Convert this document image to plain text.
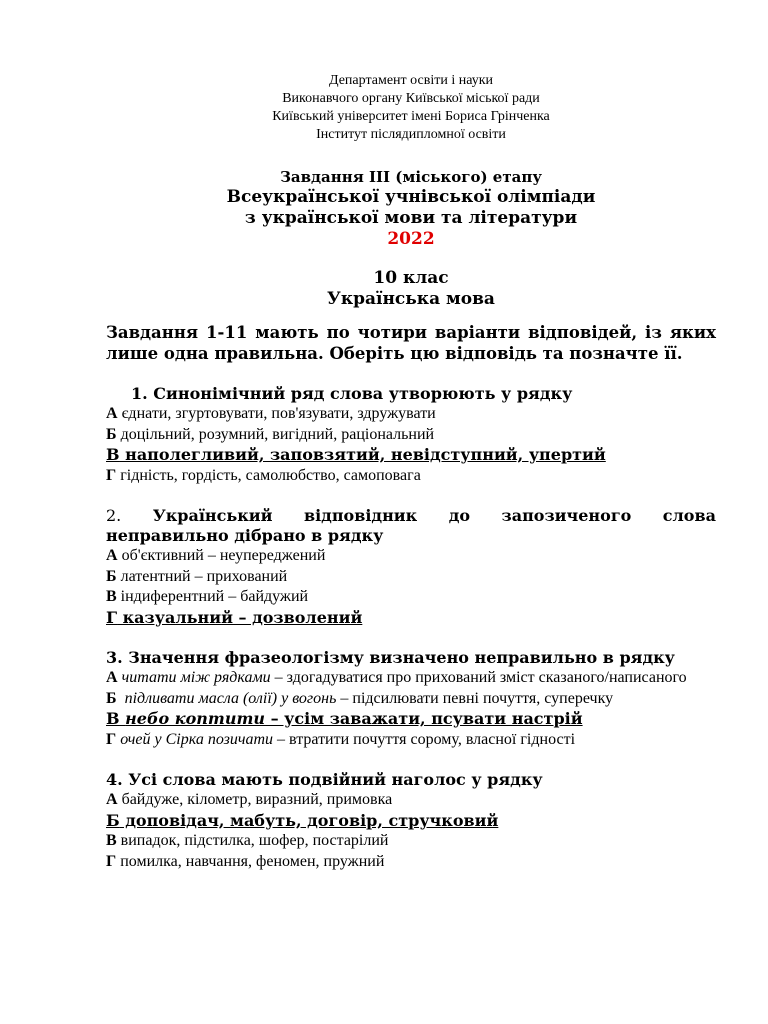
Департамент освіти і науки
Виконавчого органу Київської міської ради
Київський університет імені Бориса Грінченка
Інститут післядипломної освіти
Завдання ІІІ (міського) етапу
Всеукраїнської учнівської олімпіади
з української мови та літератури
2022
10 клас
Українська мова
Завдання 1-11 мають по чотири варіанти відповідей, із яких лише одна правильна. Оберіть цю відповідь та позначте її.
1. Синонімічний ряд слова утворюють у рядку
А єднати, згуртовувати, пов'язувати, здружувати
Б доцільний, розумний, вигідний, раціональний
В наполегливий, заповзятий, невідступний, упертий
Г гідність, гордість, самолюбство, самоповага
2. Український відповідник до запозиченого слова
неправильно дібрано в рядку
А об'єктивний – неупереджений
Б латентний – прихований
В індиферентний – байдужий
Г казуальний – дозволений
3. Значення фразеологізму визначено неправильно в рядку
А читати між рядками – здогадуватися про прихований зміст сказаного/написаного
Б підливати масла (олії) у вогонь – підсилювати певні почуття, суперечку
В небо коптити – усім заважати, псувати настрій
Г очей у Сірка позичати – втратити почуття сорому, власної гідності
4. Усі слова мають подвійний наголос у рядку
А байдуже, кілометр, виразний, примовка
Б доповідач, мабуть, договір, стручковий
В випадок, підстилка, шофер, постарілий
Г помилка, навчання, феномен, пружний
